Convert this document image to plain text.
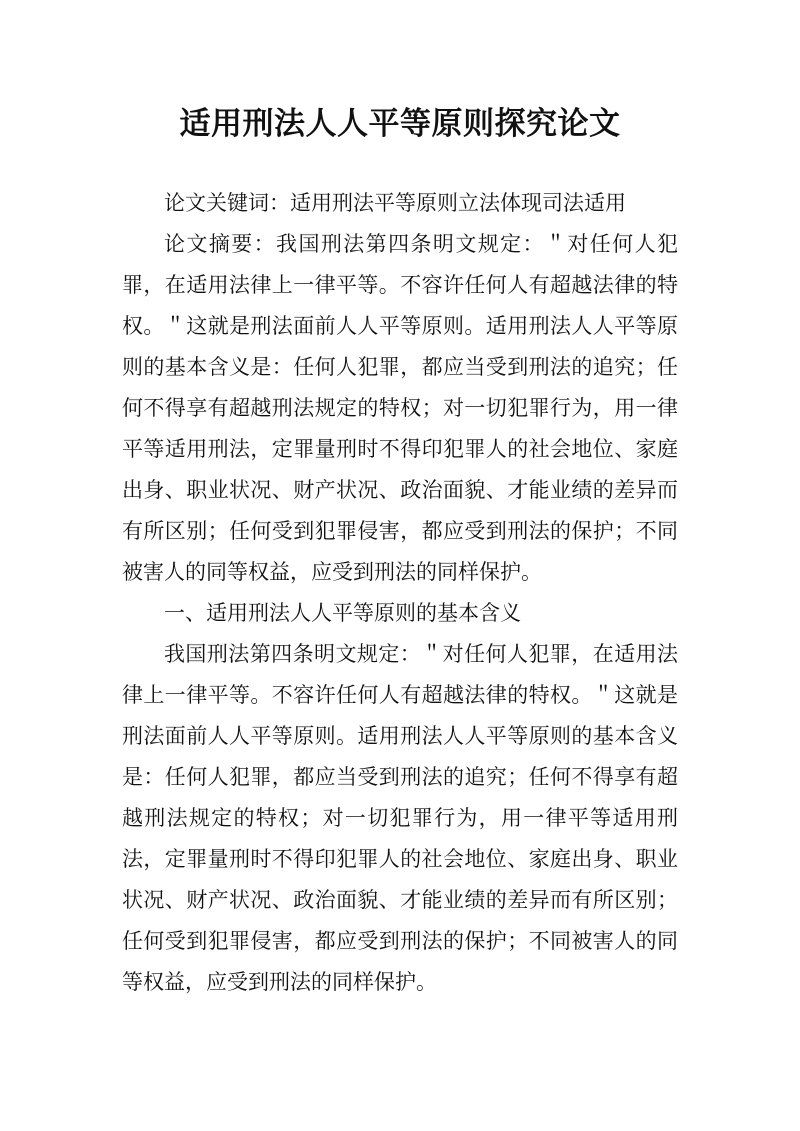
适用刑法人人平等原则探究论文

论文关键词：适用刑法平等原则立法体现司法适用

论文摘要：我国刑法第四条明文规定：＂对任何人犯罪，在适用法律上一律平等。不容许任何人有超越法律的特权。＂这就是刑法面前人人平等原则。适用刑法人人平等原则的基本含义是：任何人犯罪，都应当受到刑法的追究；任何不得享有超越刑法规定的特权；对一切犯罪行为，用一律平等适用刑法，定罪量刑时不得印犯罪人的社会地位、家庭出身、职业状况、财产状况、政治面貌、才能业绩的差异而有所区别；任何受到犯罪侵害，都应受到刑法的保护；不同被害人的同等权益，应受到刑法的同样保护。

一、适用刑法人人平等原则的基本含义

我国刑法第四条明文规定：＂对任何人犯罪，在适用法律上一律平等。不容许任何人有超越法律的特权。＂这就是刑法面前人人平等原则。适用刑法人人平等原则的基本含义是：任何人犯罪，都应当受到刑法的追究；任何不得享有超越刑法规定的特权；对一切犯罪行为，用一律平等适用刑法，定罪量刑时不得印犯罪人的社会地位、家庭出身、职业状况、财产状况、政治面貌、才能业绩的差异而有所区别；任何受到犯罪侵害，都应受到刑法的保护；不同被害人的同等权益，应受到刑法的同样保护。
